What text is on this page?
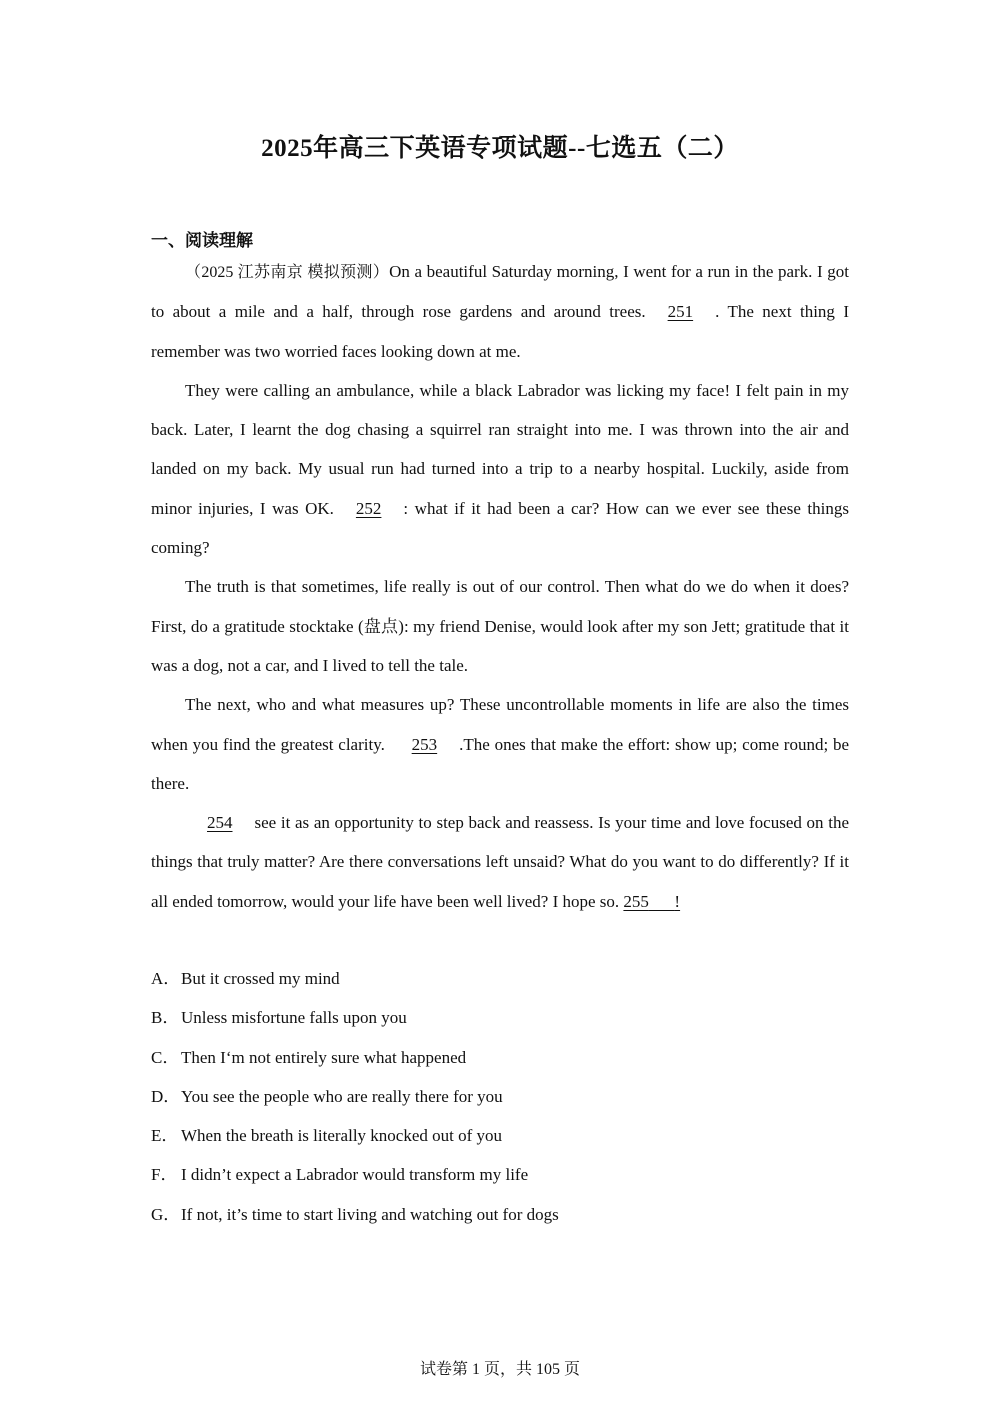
2025年高三下英语专项试题--七选五（二）
一、阅读理解

（2025 江苏南京 模拟预测）On a beautiful Saturday morning, I went for a run in the park. I got to about a mile and a half, through rose gardens and around trees. 251 . The next thing I remember was two worried faces looking down at me.

They were calling an ambulance, while a black Labrador was licking my face! I felt pain in my back. Later, I learnt the dog chasing a squirrel ran straight into me. I was thrown into the air and landed on my back. My usual run had turned into a trip to a nearby hospital. Luckily, aside from minor injuries, I was OK. 252 : what if it had been a car? How can we ever see these things coming?

The truth is that sometimes, life really is out of our control. Then what do we do when it does? First, do a gratitude stocktake (盘点): my friend Denise, would look after my son Jett; gratitude that it was a dog, not a car, and I lived to tell the tale.

The next, who and what measures up? These uncontrollable moments in life are also the times when you find the greatest clarity. 253 .The ones that make the effort: show up; come round; be there.

254 see it as an opportunity to step back and reassess. Is your time and love focused on the things that truly matter? Are there conversations left unsaid? What do you want to do differently? If it all ended tomorrow, would your life have been well lived? I hope so. 255 !

A．But it crossed my mind

B．Unless misfortune falls upon you

C．Then I‘m not entirely sure what happened

D．You see the people who are really there for you

E． When the breath is literally knocked out of you

F． I didn’t expect a Labrador would transform my life

G．If not, it’s time to start living and watching out for dogs

试卷第 1 页，共 105 页
